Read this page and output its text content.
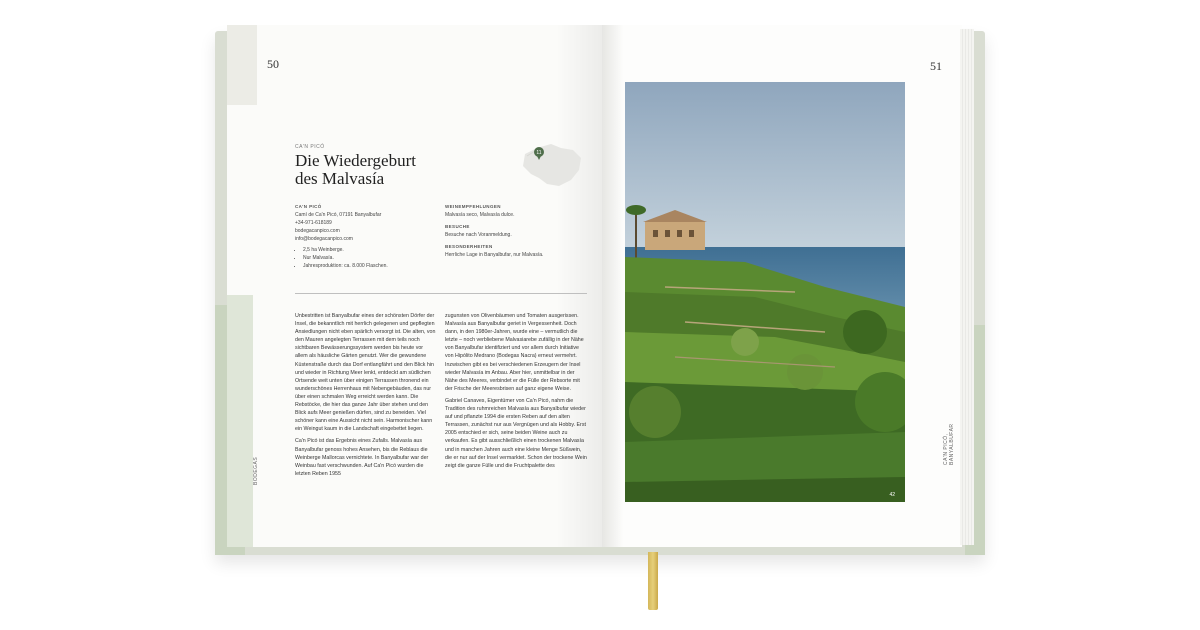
50
CA'N PICÓ
Die Wiedergeburt
des Malvasía
11
CA'N PICÓ
Camí de Ca'n Picó, 07191 Banyalbufar
+34-971-618189
bodegacanpico.com
info@bodegacanpico.com
• 2,5 ha Weinberge.
• Nur Malvasía.
• Jahresproduktion: ca. 8.000 Flaschen.
WEINEMPFEHLUNGEN
Malvasía seco, Malvasía dulce.
BESUCHE
Besuche nach Voranmeldung.
BESONDERHEITEN
Herrliche Lage in Banyalbufar, nur Malvasía.

Unbestritten ist Banyalbufar eines der schönsten Dörfer der Insel, die bekanntlich mit herrlich gelegenen und gepflegten Ansiedlungen nicht eben spärlich versorgt ist. Die alten, von den Mauren angelegten Terrassen mit dem teils noch sichtbaren Bewässerungssystem werden bis heute vor allem als häusliche Gärten genutzt. Wer die gewundene Küstenstraße durch das Dorf entlangfährt und den Blick hin und wieder in Richtung Meer lenkt, entdeckt am südlichen Ortsende weit unten über einigen Terrassen thronend ein wunderschönes Herrenhaus mit Nebengebäuden, das nur über einen schmalen Weg erreicht werden kann. Die Rebstöcke, die hier das ganze Jahr über stehen und den Blick aufs Meer genießen dürfen, sind zu beneiden. Viel schöner kann eine Aussicht nicht sein. Harmonischer kann ein Weingut kaum in die Landschaft eingebettet liegen.

Ca'n Picó ist das Ergebnis eines Zufalls. Malvasía aus Banyalbufar genoss hohes Ansehen, bis die Reblaus die Weinberge Mallorcas vernichtete. In Banyalbufar war der Weinbau fast verschwunden. Auf Ca'n Picó wurden die letzten Reben 1955

zugunsten von Olivenbäumen und Tomaten ausgerissen. Malvasía aus Banyalbufar geriet in Vergessenheit. Doch dann, in den 1980er-Jahren, wurde eine – vermutlich die letzte – noch verbliebene Malvasiarebe zufällig in der Nähe von Banyalbufar identifiziert und vor allem durch Initiative von Hipólito Medrano (Bodegas Nacra) erneut vermehrt. Inzwischen gibt es bei verschiedenen Erzeugern der Insel wieder Malvasía im Anbau. Aber hier, unmittelbar in der Nähe des Meeres, verbindet er die Fülle der Rebsorte mit der Frische der Meeresbrisen auf ganz eigene Weise.

Gabriel Canaves, Eigentümer von Ca'n Picó, nahm die Tradition des ruhmreichen Malvasía aus Banyalbufar wieder auf und pflanzte 1994 die ersten Reben auf den alten Terrassen, zunächst nur aus Vergnügen und als Hobby. Erst 2005 entschied er sich, seine beiden Weine auch zu verkaufen. Es gibt ausschließlich einen trockenen Malvasía und in manchen Jahren auch eine kleine Menge Süßwein, die er nur auf der Insel vermarktet. Schon der trockene Wein zeigt die ganze Fülle und die Fruchtpalette des

BODEGAS
51
42
CA'N PICÓ, BANYALBUFAR
